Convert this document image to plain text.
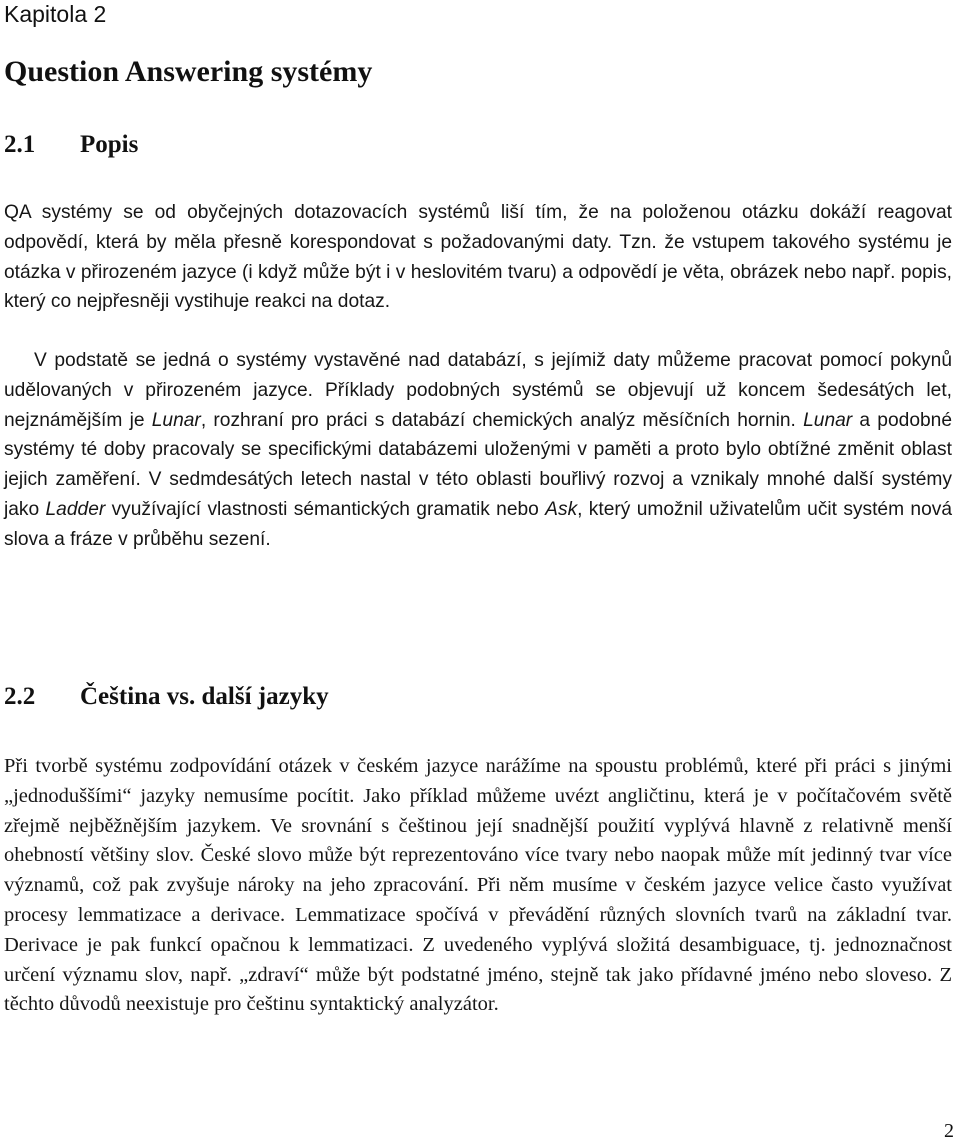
Kapitola 2
Question Answering systémy
2.1 Popis

QA systémy se od obyčejných dotazovacích systémů liší tím, že na položenou otázku dokáží reagovat odpovědí, která by měla přesně korespondovat s požadovanými daty. Tzn. že vstupem takového systému je otázka v přirozeném jazyce (i když může být i v heslovitém tvaru) a odpovědí je věta, obrázek nebo např. popis, který co nejpřesněji vystihuje reakci na dotaz.

V podstatě se jedná o systémy vystavěné nad databází, s jejímiž daty můžeme pracovat pomocí pokynů udělovaných v přirozeném jazyce. Příklady podobných systémů se objevují už koncem šedesátých let, nejznámějším je Lunar, rozhraní pro práci s databází chemických analýz měsíčních hornin. Lunar a podobné systémy té doby pracovaly se specifickými databázemi uloženými v paměti a proto bylo obtížné změnit oblast jejich zaměření. V sedmdesátých letech nastal v této oblasti bouřlivý rozvoj a vznikaly mnohé další systémy jako Ladder využívající vlastnosti sémantických gramatik nebo Ask, který umožnil uživatelům učit systém nová slova a fráze v průběhu sezení.

2.2 Čeština vs. další jazyky

Při tvorbě systému zodpovídání otázek v českém jazyce narážíme na spoustu problémů, které při práci s jinými „jednoduššími“ jazyky nemusíme pocítit. Jako příklad můžeme uvézt angličtinu, která je v počítačovém světě zřejmě nejběžnějším jazykem. Ve srovnání s češtinou její snadnější použití vyplývá hlavně z relativně menší ohebností většiny slov. České slovo může být reprezentováno více tvary nebo naopak může mít jedinný tvar více významů, což pak zvyšuje nároky na jeho zpracování. Při něm musíme v českém jazyce velice často využívat procesy lemmatizace a derivace. Lemmatizace spočívá v převádění různých slovních tvarů na základní tvar. Derivace je pak funkcí opačnou k lemmatizaci. Z uvedeného vyplývá složitá desambiguace, tj. jednoznačnost určení významu slov, např. „zdraví“ může být podstatné jméno, stejně tak jako přídavné jméno nebo sloveso. Z těchto důvodů neexistuje pro češtinu syntaktický analyzátor.

2
